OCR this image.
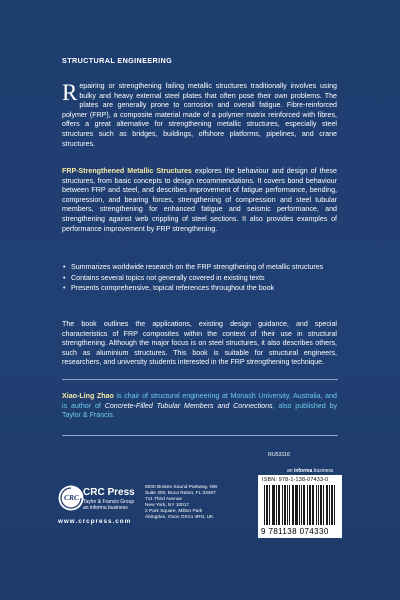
STRUCTURAL ENGINEERING
Repairing or strengthening failing metallic structures traditionally involves using bulky and heavy external steel plates that often pose their own problems. The plates are generally prone to corrosion and overall fatigue. Fibre-reinforced polymer (FRP), a composite material made of a polymer matrix reinforced with fibres, offers a great alternative for strengthening metallic structures, especially steel structures such as bridges, buildings, offshore platforms, pipelines, and crane structures.
FRP-Strengthened Metallic Structures explores the behaviour and design of these structures, from basic concepts to design recommendations. It covers bond behaviour between FRP and steel, and describes improvement of fatigue performance, bending, compression, and bearing forces, strengthening of compression and steel tubular members, strengthening for enhanced fatigue and seismic performance, and strengthening against web crippling of steel sections. It also provides examples of performance improvement by FRP strengthening.
• Summarizes worldwide research on the FRP strengthening of metallic structures
• Contains several topics not generally covered in existing texts
• Presents comprehensive, topical references throughout the book
The book outlines the applications, existing design guidance, and special characteristics of FRP composites within the context of their use in structural strengthening. Although the major focus is on steel structures, it also describes others, such as aluminium structures. This book is suitable for structural engineers, researchers, and university students interested in the FRP strengthening technique.
Xiao-Ling Zhao is chair of structural engineering at Monash University, Australia, and is author of Concrete-Filled Tubular Members and Connections, also published by Taylor & Francis.
RU53116
an informa business
ISBN: 978-1-138-07433-0
9 781138 074330
CRC CRC Press
Taylor & Francis Group
an informa business
6000 Broken Sound Parkway, NW
Suite 300, Boca Raton, FL 33487
711 Third Avenue
New York, NY 10017
2 Park Square, Milton Park
Abingdon, Oxon OX14 4RN, UK
www.crcpress.com
